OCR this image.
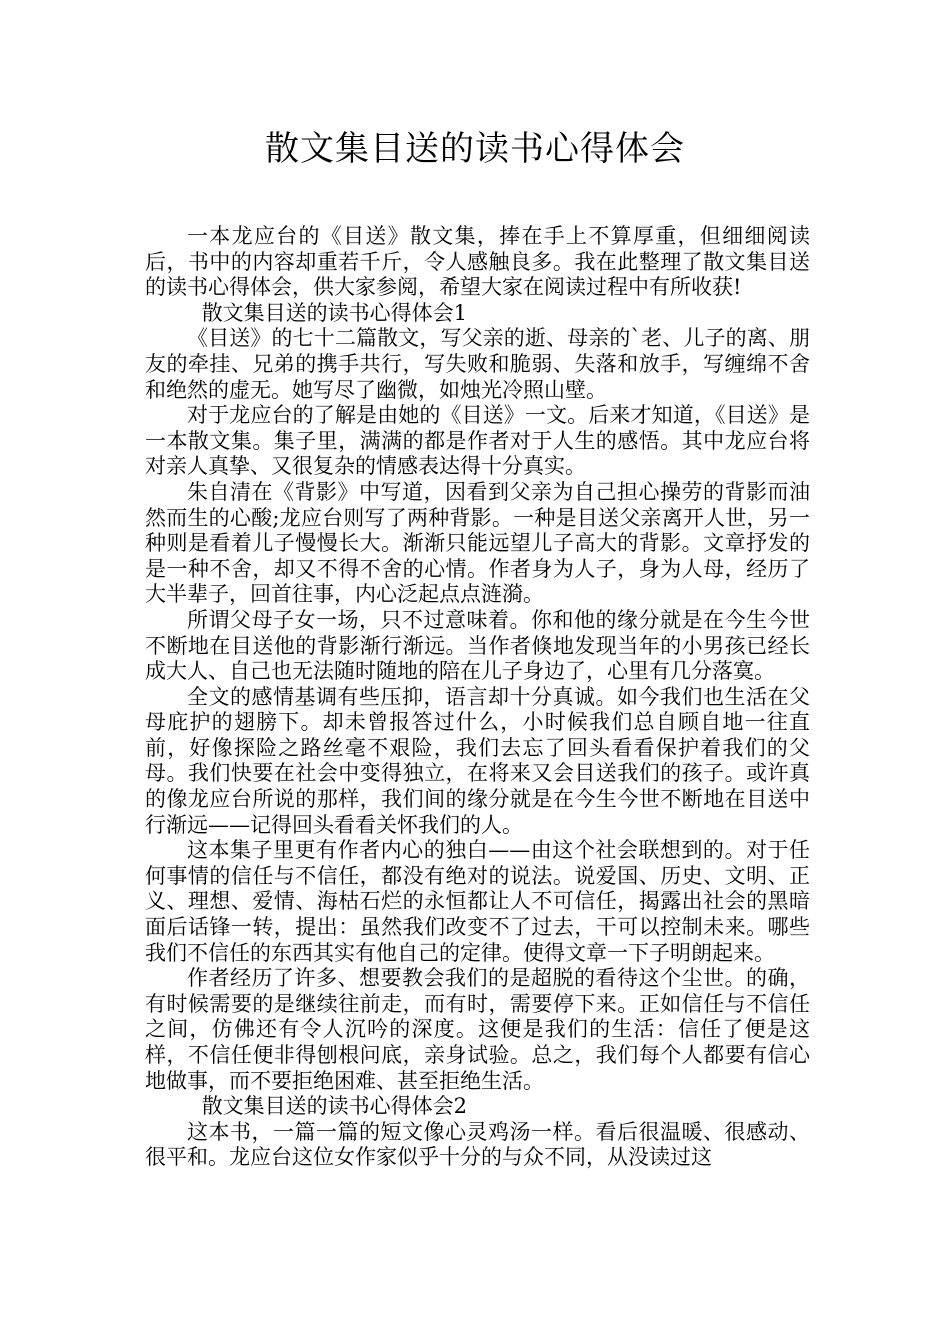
散文集目送的读书心得体会

一本龙应台的《目送》散文集，捧在手上不算厚重，但细细阅读后，书中的内容却重若千斤，令人感触良多。我在此整理了散文集目送的读书心得体会，供大家参阅，希望大家在阅读过程中有所收获!

散文集目送的读书心得体会1

《目送》的七十二篇散文，写父亲的逝、母亲的`老、儿子的离、朋友的牵挂、兄弟的携手共行，写失败和脆弱、失落和放手，写缠绵不舍和绝然的虚无。她写尽了幽微，如烛光冷照山壁。

对于龙应台的了解是由她的《目送》一文。后来才知道，《目送》是一本散文集。集子里，满满的都是作者对于人生的感悟。其中龙应台将对亲人真挚、又很复杂的情感表达得十分真实。

朱自清在《背影》中写道，因看到父亲为自己担心操劳的背影而油然而生的心酸;龙应台则写了两种背影。一种是目送父亲离开人世，另一种则是看着儿子慢慢长大。渐渐只能远望儿子高大的背影。文章抒发的是一种不舍，却又不得不舍的心情。作者身为人子，身为人母，经历了大半辈子，回首往事，内心泛起点点涟漪。

所谓父母子女一场，只不过意味着。你和他的缘分就是在今生今世不断地在目送他的背影渐行渐远。当作者倏地发现当年的小男孩已经长成大人、自己也无法随时随地的陪在儿子身边了，心里有几分落寞。

全文的感情基调有些压抑，语言却十分真诚。如今我们也生活在父母庇护的翅膀下。却未曾报答过什么，小时候我们总自顾自地一往直前，好像探险之路丝毫不艰险，我们去忘了回头看看保护着我们的父母。我们快要在社会中变得独立，在将来又会目送我们的孩子。或许真的像龙应台所说的那样，我们间的缘分就是在今生今世不断地在目送中行渐远——记得回头看看关怀我们的人。

这本集子里更有作者内心的独白——由这个社会联想到的。对于任何事情的信任与不信任，都没有绝对的说法。说爱国、历史、文明、正义、理想、爱情、海枯石烂的永恒都让人不可信任，揭露出社会的黑暗面后话锋一转，提出：虽然我们改变不了过去，干可以控制未来。哪些我们不信任的东西其实有他自己的定律。使得文章一下子明朗起来。

作者经历了许多、想要教会我们的是超脱的看待这个尘世。的确，有时候需要的是继续往前走，而有时，需要停下来。正如信任与不信任之间，仿佛还有令人沉吟的深度。这便是我们的生活：信任了便是这样，不信任便非得刨根问底，亲身试验。总之，我们每个人都要有信心地做事，而不要拒绝困难、甚至拒绝生活。

散文集目送的读书心得体会2

这本书，一篇一篇的短文像心灵鸡汤一样。看后很温暖、很感动、很平和。龙应台这位女作家似乎十分的与众不同，从没读过这
